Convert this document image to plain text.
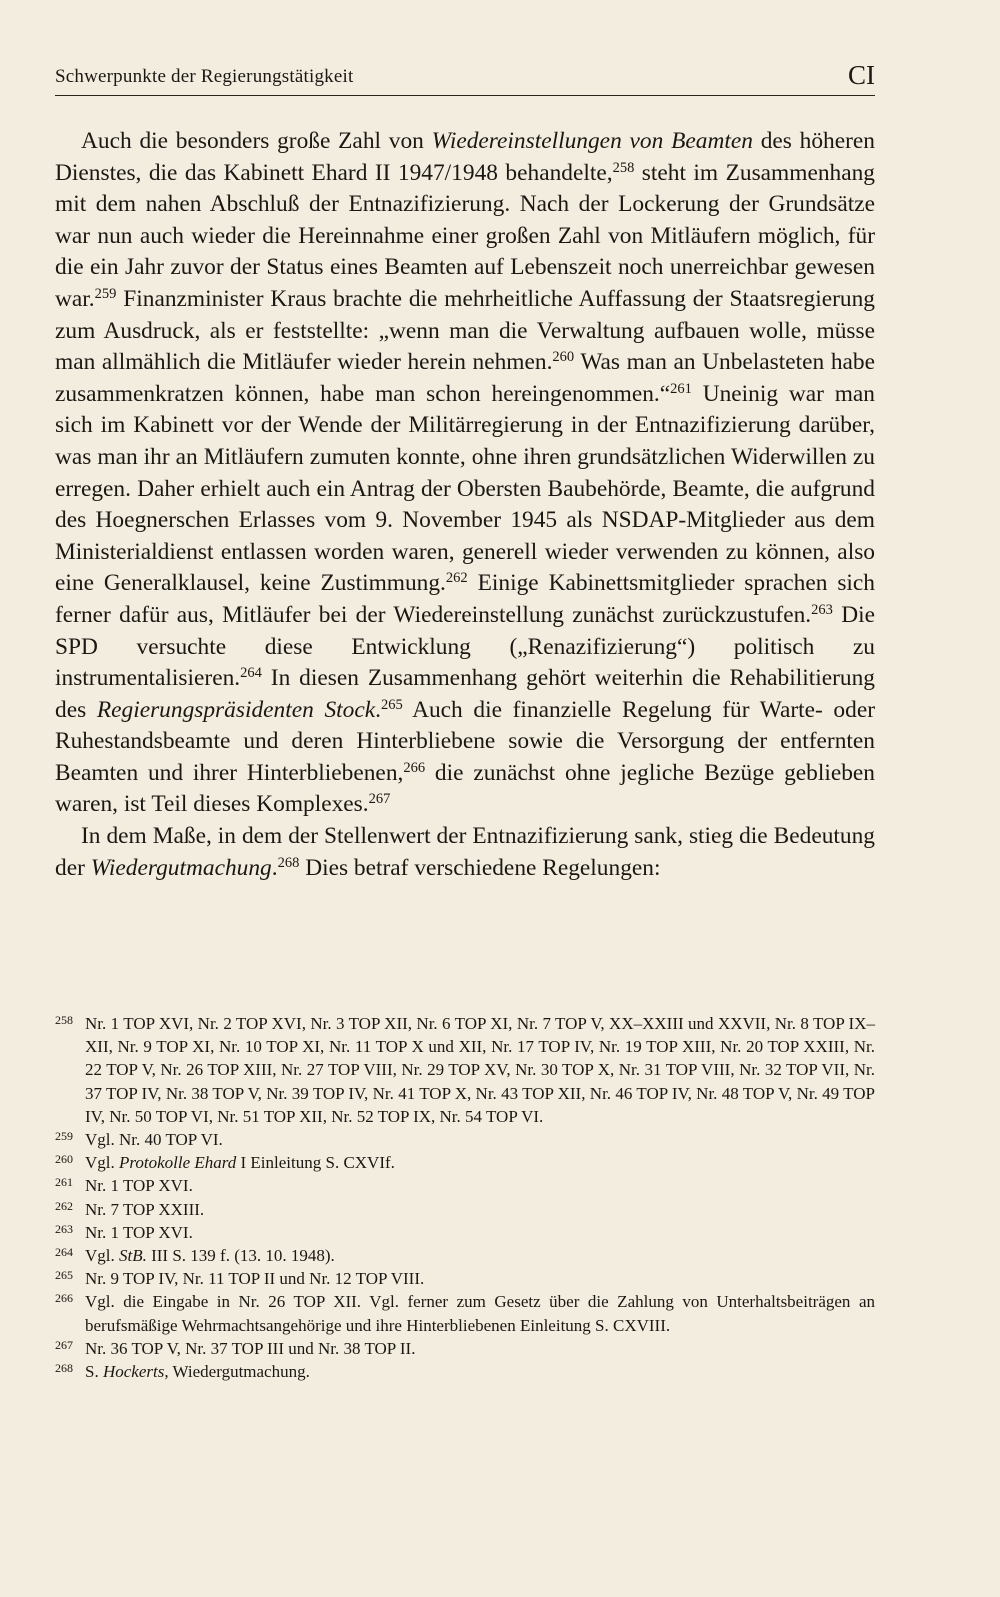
Schwerpunkte der Regierungstätigkeit	CI

Auch die besonders große Zahl von Wiedereinstellungen von Beamten des höheren Dienstes, die das Kabinett Ehard II 1947/1948 behandelte,$^{258}$ steht im Zusammenhang mit dem nahen Abschluß der Entnazifizierung. Nach der Lockerung der Grundsätze war nun auch wieder die Hereinnahme einer großen Zahl von Mitläufern möglich, für die ein Jahr zuvor der Status eines Beamten auf Lebenszeit noch unerreichbar gewesen war.$^{259}$ Finanzminister Kraus brachte die mehrheitliche Auffassung der Staatsregierung zum Ausdruck, als er feststellte: „wenn man die Verwaltung aufbauen wolle, müsse man allmählich die Mitläufer wieder herein nehmen.$^{260}$ Was man an Unbelasteten habe zusammenkratzen können, habe man schon hereingenommen.“$^{261}$ Uneinig war man sich im Kabinett vor der Wende der Militärregierung in der Entnazifizierung darüber, was man ihr an Mitläufern zumuten konnte, ohne ihren grundsätzlichen Widerwillen zu erregen. Daher erhielt auch ein Antrag der Obersten Baubehörde, Beamte, die aufgrund des Hoegnerschen Erlasses vom 9. November 1945 als NSDAP-Mitglieder aus dem Ministerialdienst entlassen worden waren, generell wieder verwenden zu können, also eine Generalklausel, keine Zustimmung.$^{262}$ Einige Kabinettsmitglieder sprachen sich ferner dafür aus, Mitläufer bei der Wiedereinstellung zunächst zurückzustufen.$^{263}$ Die SPD versuchte diese Entwicklung („Renazifizierung“) politisch zu instrumentalisieren.$^{264}$ In diesen Zusammenhang gehört weiterhin die Rehabilitierung des Regierungspräsidenten Stock.$^{265}$ Auch die finanzielle Regelung für Warte- oder Ruhestandsbeamte und deren Hinterbliebene sowie die Versorgung der entfernten Beamten und ihrer Hinterbliebenen,$^{266}$ die zunächst ohne jegliche Bezüge geblieben waren, ist Teil dieses Komplexes.$^{267}$

In dem Maße, in dem der Stellenwert der Entnazifizierung sank, stieg die Bedeutung der Wiedergutmachung.$^{268}$ Dies betraf verschiedene Regelungen:

258 Nr. 1 TOP XVI, Nr. 2 TOP XVI, Nr. 3 TOP XII, Nr. 6 TOP XI, Nr. 7 TOP V, XX–XXIII und XXVII, Nr. 8 TOP IX–XII, Nr. 9 TOP XI, Nr. 10 TOP XI, Nr. 11 TOP X und XII, Nr. 17 TOP IV, Nr. 19 TOP XIII, Nr. 20 TOP XXIII, Nr. 22 TOP V, Nr. 26 TOP XIII, Nr. 27 TOP VIII, Nr. 29 TOP XV, Nr. 30 TOP X, Nr. 31 TOP VIII, Nr. 32 TOP VII, Nr. 37 TOP IV, Nr. 38 TOP V, Nr. 39 TOP IV, Nr. 41 TOP X, Nr. 43 TOP XII, Nr. 46 TOP IV, Nr. 48 TOP V, Nr. 49 TOP IV, Nr. 50 TOP VI, Nr. 51 TOP XII, Nr. 52 TOP IX, Nr. 54 TOP VI.
259 Vgl. Nr. 40 TOP VI.
260 Vgl. Protokolle Ehard I Einleitung S. CXVIf.
261 Nr. 1 TOP XVI.
262 Nr. 7 TOP XXIII.
263 Nr. 1 TOP XVI.
264 Vgl. StB. III S. 139 f. (13. 10. 1948).
265 Nr. 9 TOP IV, Nr. 11 TOP II und Nr. 12 TOP VIII.
266 Vgl. die Eingabe in Nr. 26 TOP XII. Vgl. ferner zum Gesetz über die Zahlung von Unterhaltsbeiträgen an berufsmäßige Wehrmachtsangehörige und ihre Hinterbliebenen Einleitung S. CXVIII.
267 Nr. 36 TOP V, Nr. 37 TOP III und Nr. 38 TOP II.
268 S. Hockerts, Wiedergutmachung.
